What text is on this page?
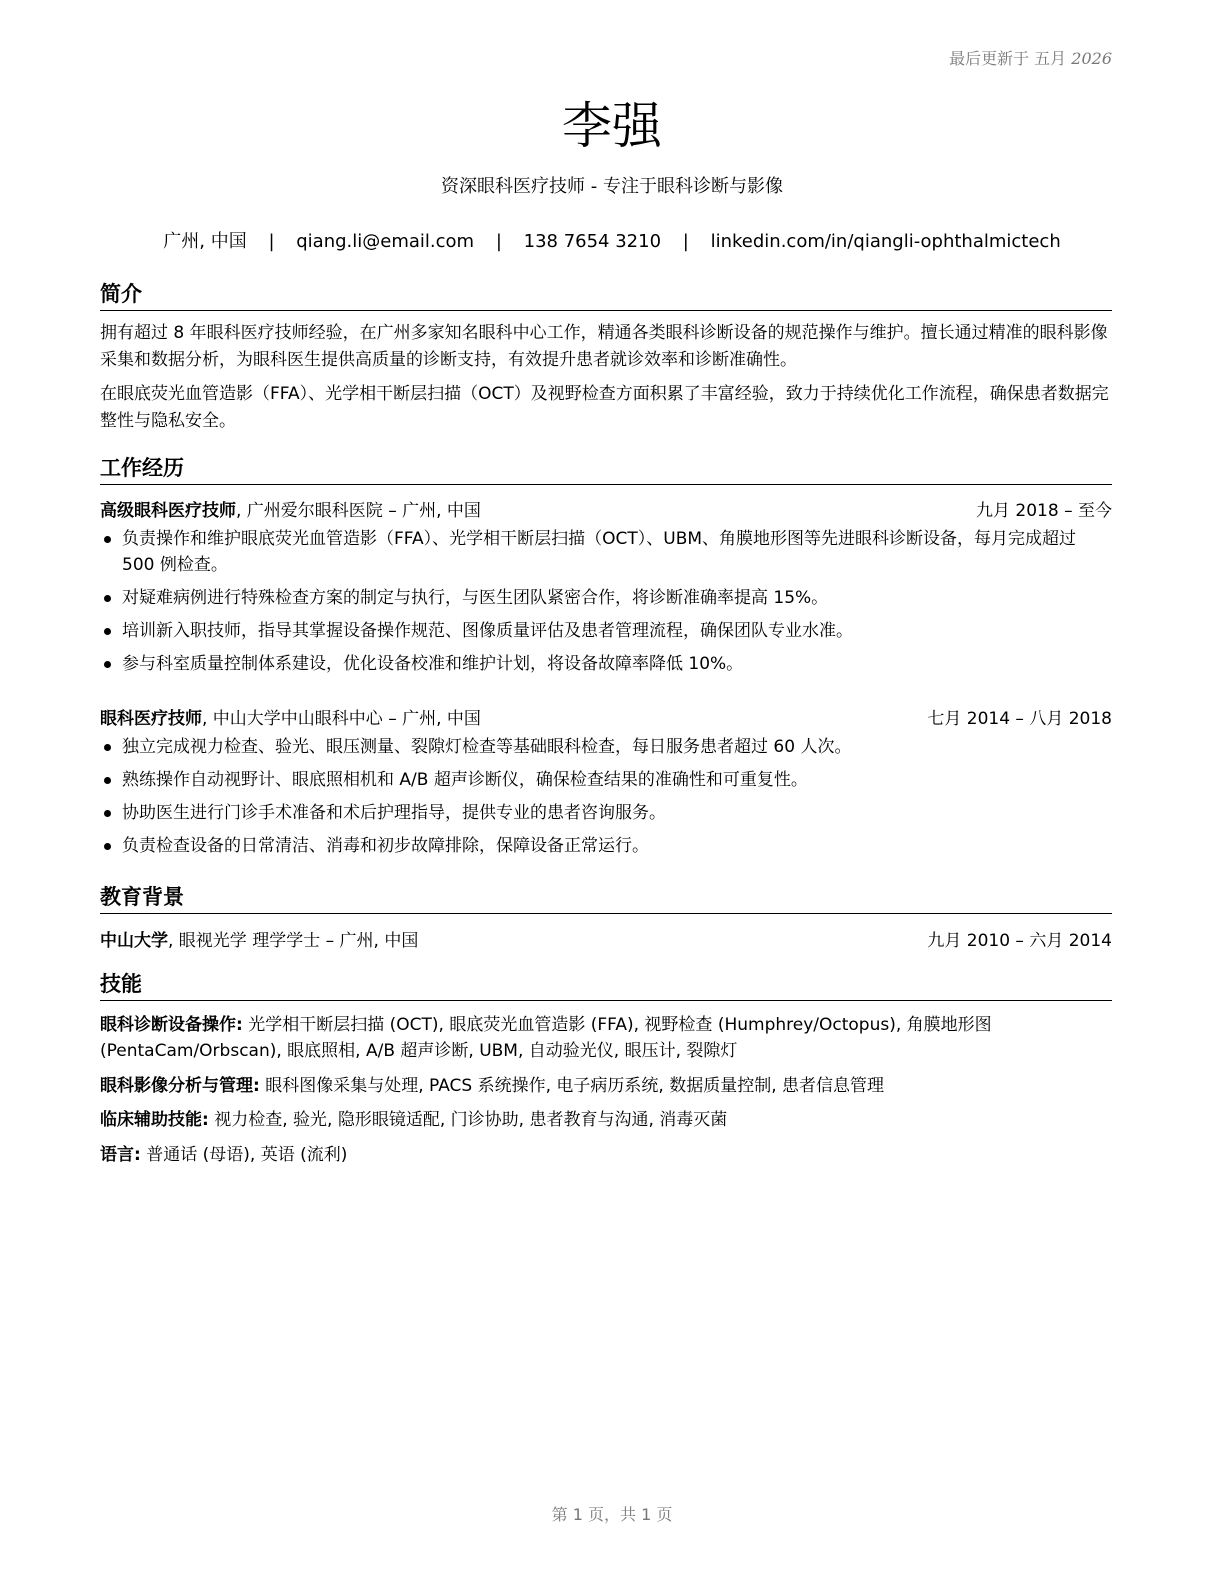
最后更新于 五月 2026
李强
资深眼科医疗技师 - 专注于眼科诊断与影像
广州, 中国 | qiang.li@email.com | 138 7654 3210 | linkedin.com/in/qiangli-ophthalmictech
简介
拥有超过 8 年眼科医疗技师经验，在广州多家知名眼科中心工作，精通各类眼科诊断设备的规范操作与维护。擅长通过精准的眼科影像采集和数据分析，为眼科医生提供高质量的诊断支持，有效提升患者就诊效率和诊断准确性。
在眼底荧光血管造影（FFA）、光学相干断层扫描（OCT）及视野检查方面积累了丰富经验，致力于持续优化工作流程，确保患者数据完整性与隐私安全。
工作经历
高级眼科医疗技师, 广州爱尔眼科医院 – 广州, 中国	九月 2018 – 至今
负责操作和维护眼底荧光血管造影（FFA）、光学相干断层扫描（OCT）、UBM、角膜地形图等先进眼科诊断设备，每月完成超过 500 例检查。
对疑难病例进行特殊检查方案的制定与执行，与医生团队紧密合作，将诊断准确率提高 15%。
培训新入职技师，指导其掌握设备操作规范、图像质量评估及患者管理流程，确保团队专业水准。
参与科室质量控制体系建设，优化设备校准和维护计划，将设备故障率降低 10%。
眼科医疗技师, 中山大学中山眼科中心 – 广州, 中国	七月 2014 – 八月 2018
独立完成视力检查、验光、眼压测量、裂隙灯检查等基础眼科检查，每日服务患者超过 60 人次。
熟练操作自动视野计、眼底照相机和 A/B 超声诊断仪，确保检查结果的准确性和可重复性。
协助医生进行门诊手术准备和术后护理指导，提供专业的患者咨询服务。
负责检查设备的日常清洁、消毒和初步故障排除，保障设备正常运行。
教育背景
中山大学, 眼视光学 理学学士 – 广州, 中国	九月 2010 – 六月 2014
技能
眼科诊断设备操作: 光学相干断层扫描 (OCT), 眼底荧光血管造影 (FFA), 视野检查 (Humphrey/Octopus), 角膜地形图 (PentaCam/Orbscan), 眼底照相, A/B 超声诊断, UBM, 自动验光仪, 眼压计, 裂隙灯
眼科影像分析与管理: 眼科图像采集与处理, PACS 系统操作, 电子病历系统, 数据质量控制, 患者信息管理
临床辅助技能: 视力检查, 验光, 隐形眼镜适配, 门诊协助, 患者教育与沟通, 消毒灭菌
语言: 普通话 (母语), 英语 (流利)
第 1 页，共 1 页
